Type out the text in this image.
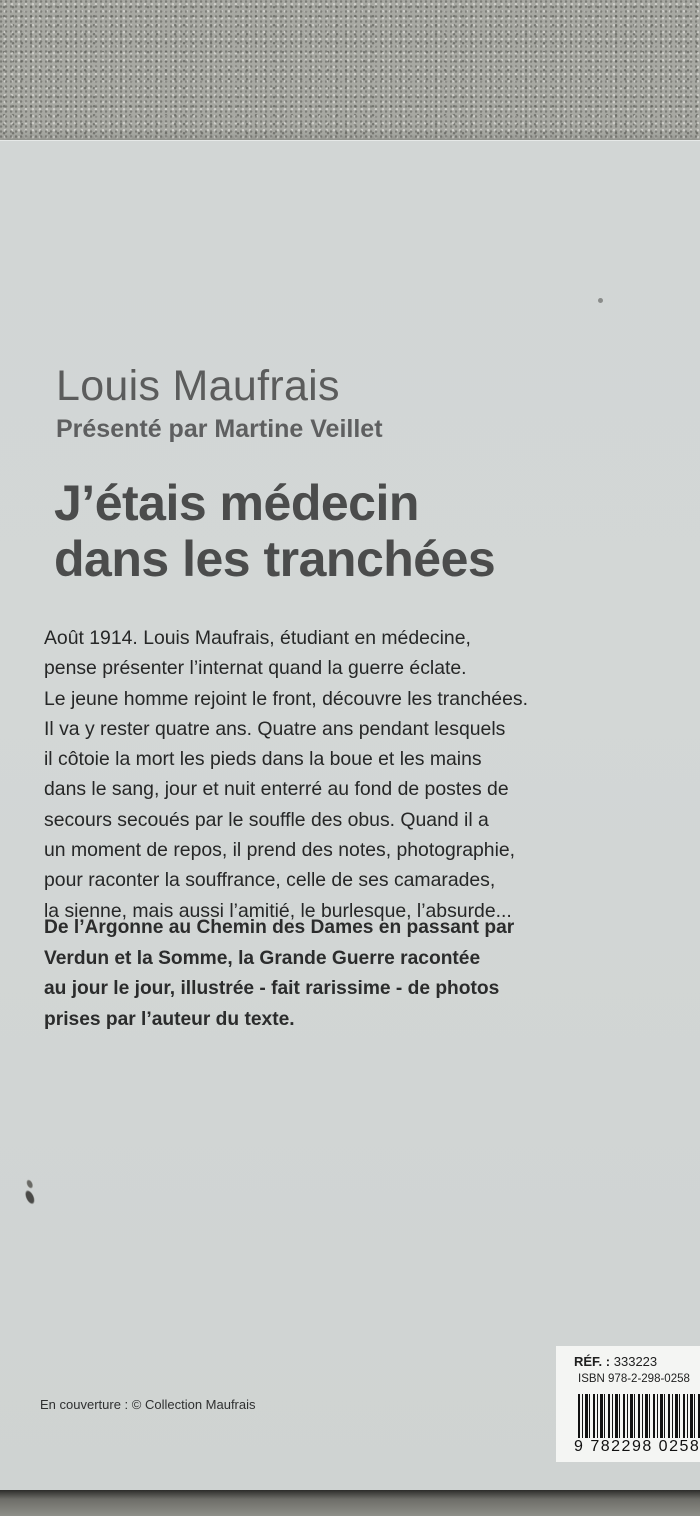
Louis Maufrais

Présenté par Martine Veillet

J’étais médecin
dans les tranchées
Août 1914. Louis Maufrais, étudiant en médecine,
pense présenter l’internat quand la guerre éclate.
Le jeune homme rejoint le front, découvre les tranchées.
Il va y rester quatre ans. Quatre ans pendant lesquels
il côtoie la mort les pieds dans la boue et les mains
dans le sang, jour et nuit enterré au fond de postes de
secours secoués par le souffle des obus. Quand il a
un moment de repos, il prend des notes, photographie,
pour raconter la souffrance, celle de ses camarades,
la sienne, mais aussi l’amitié, le burlesque, l’absurde...
De l’Argonne au Chemin des Dames en passant par
Verdun et la Somme, la Grande Guerre racontée
au jour le jour, illustrée - fait rarissime - de photos
prises par l’auteur du texte.

En couverture : © Collection Maufrais

RÉF. : 333223

ISBN 978-2-298-0258

9 782298 0258
